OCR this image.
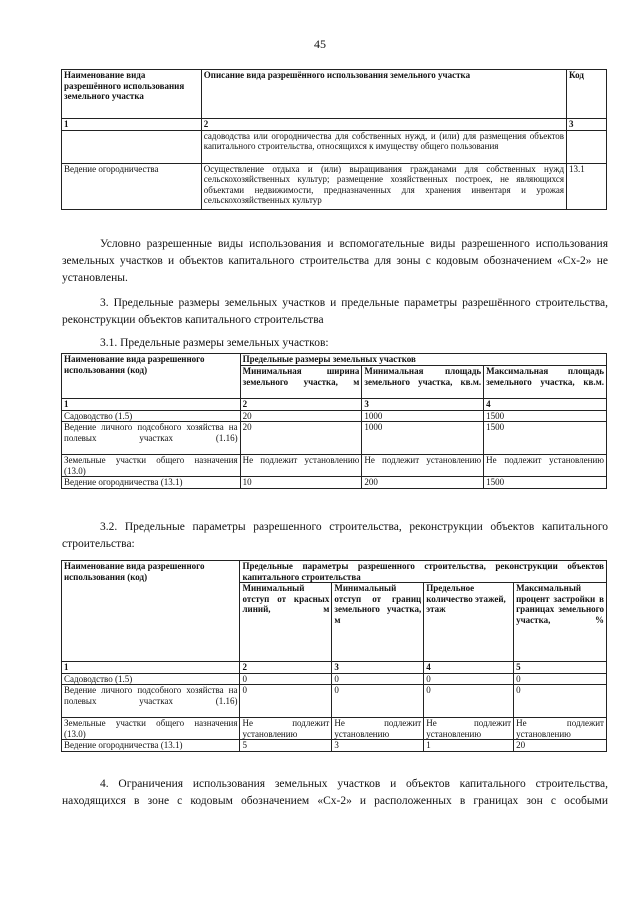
45
Наименование вида разрешённого использования земельного участка	Описание вида разрешённого использования земельного участка	Код
1	2	3
	садоводства или огородничества для собственных нужд, и (или) для размещения объектов капитального строительства, относящихся к имуществу общего пользования	
Ведение огородничества	Осуществление отдыха и (или) выращивания гражданами для собственных нужд сельскохозяйственных культур; размещение хозяйственных построек, не являющихся объектами недвижимости, предназначенных для хранения инвентаря и урожая сельскохозяйственных культур	13.1
Условно разрешенные виды использования и вспомогательные виды разрешенного использования земельных участков и объектов капитального строительства для зоны с кодовым обозначением «Сх-2» не установлены.
3. Предельные размеры земельных участков и предельные параметры разрешённого строительства, реконструкции объектов капитального строительства
3.1. Предельные размеры земельных участков:
Наименование вида разрешенного использования (код)	Предельные размеры земельных участков		
	Минимальная ширина земельного участка, м	Минимальная площадь земельного участка, кв.м.	Максимальная площадь земельного участка, кв.м.
1	2	3	4
Садоводство (1.5)	20	1000	1500
Ведение личного подсобного хозяйства на полевых участках (1.16)	20	1000	1500
Земельные участки общего назначения (13.0)	Не подлежит установлению	Не подлежит установлению	Не подлежит установлению
Ведение огородничества (13.1)	10	200	1500
3.2. Предельные параметры разрешенного строительства, реконструкции объектов капитального строительства:
Наименование вида разрешенного использования (код)	Предельные параметры разрешенного строительства, реконструкции объектов капитального строительства			
	Минимальный отступ от красных линий, м	Минимальный отступ от границ земельного участка, м	Предельное количество этажей, этаж	Максимальный процент застройки в границах земельного участка, %
1	2	3	4	5
Садоводство (1.5)	0	0	0	0
Ведение личного подсобного хозяйства на полевых участках (1.16)	0	0	0	0
Земельные участки общего назначения (13.0)	Не подлежит установлению	Не подлежит установлению	Не подлежит установлению	Не подлежит установлению
Ведение огородничества (13.1)	5	3	1	20
4. Ограничения использования земельных участков и объектов капитального строительства, находящихся в зоне с кодовым обозначением «Сх-2» и расположенных в границах зон с особыми
